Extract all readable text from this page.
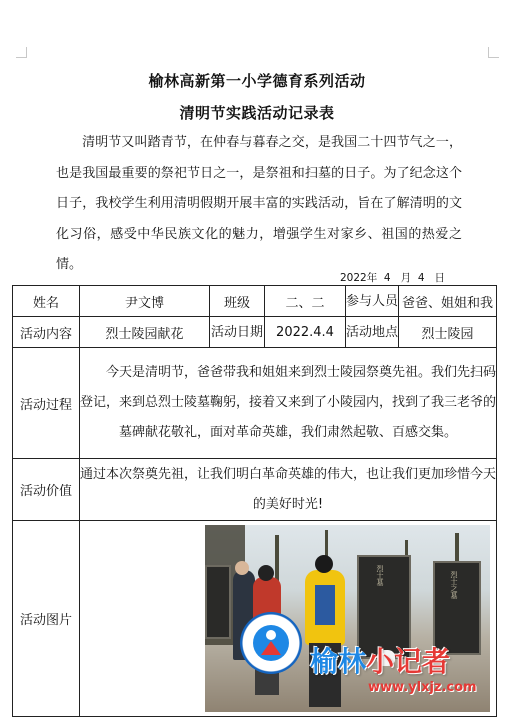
榆林高新第一小学德育系列活动
清明节实践活动记录表

清明节又叫踏青节，在仲春与暮春之交，是我国二十四节气之一，也是我国最重要的祭祀节日之一，是祭祖和扫墓的日子。为了纪念这个日子，我校学生利用清明假期开展丰富的实践活动，旨在了解清明的文化习俗，感受中华民族文化的魅力，增强学生对家乡、祖国的热爱之情。

2022年 4 月 4 日
姓名	尹文博	班级	二、二	参与人员	爸爸、姐姐和我
活动内容	烈士陵园献花	活动日期	2022.4.4	活动地点	烈士陵园
活动过程	今天是清明节，爸爸带我和姐姐来到烈士陵园祭奠先祖。我们先扫码登记，来到总烈士陵墓鞠躬，接着又来到了小陵园内，找到了我三老爷的墓碑献花敬礼，面对革命英雄，我们肃然起敬、百感交集。				
活动价值	通过本次祭奠先祖，让我们明白革命英雄的伟大，也让我们更加珍惜今天的美好时光!				
活动图片	烈士墓 烈士之墓				
榆林小记者
www.ylxjz.com
